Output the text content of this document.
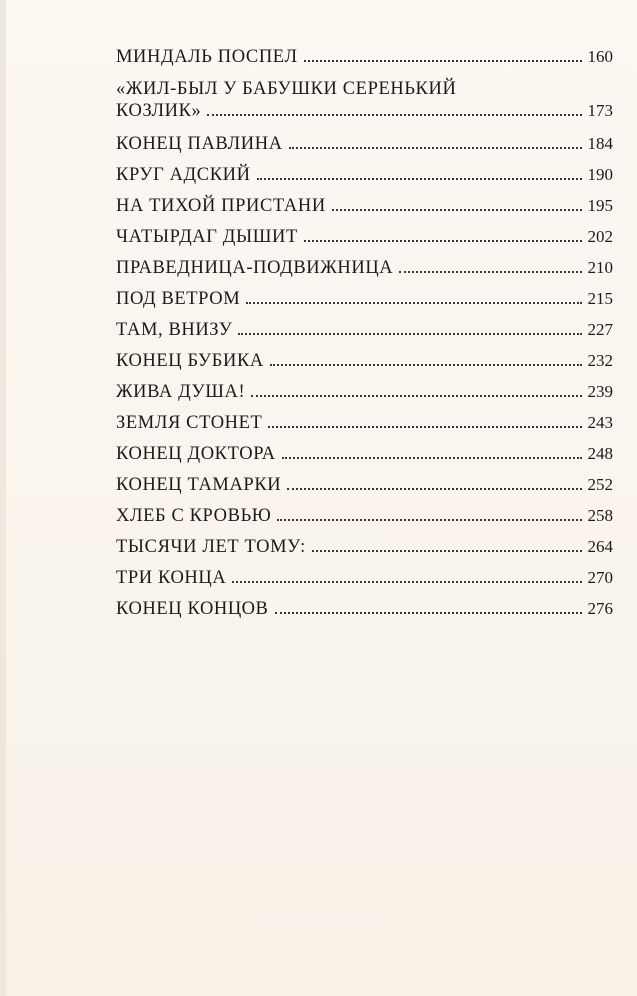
МИНДАЛЬ ПОСПЕЛ	160
«ЖИЛ-БЫЛ У БАБУШКИ СЕРЕНЬКИЙ
КОЗЛИК»	173
КОНЕЦ ПАВЛИНА	184
КРУГ АДСКИЙ	190
НА ТИХОЙ ПРИСТАНИ	195
ЧАТЫРДАГ ДЫШИТ	202
ПРАВЕДНИЦА-ПОДВИЖНИЦА	210
ПОД ВЕТРОМ	215
ТАМ, ВНИЗУ	227
КОНЕЦ БУБИКА	232
ЖИВА ДУША!	239
ЗЕМЛЯ СТОНЕТ	243
КОНЕЦ ДОКТОРА	248
КОНЕЦ ТАМАРКИ	252
ХЛЕБ С КРОВЬЮ	258
ТЫСЯЧИ ЛЕТ ТОМУ:	264
ТРИ КОНЦА	270
КОНЕЦ КОНЦОВ	276
